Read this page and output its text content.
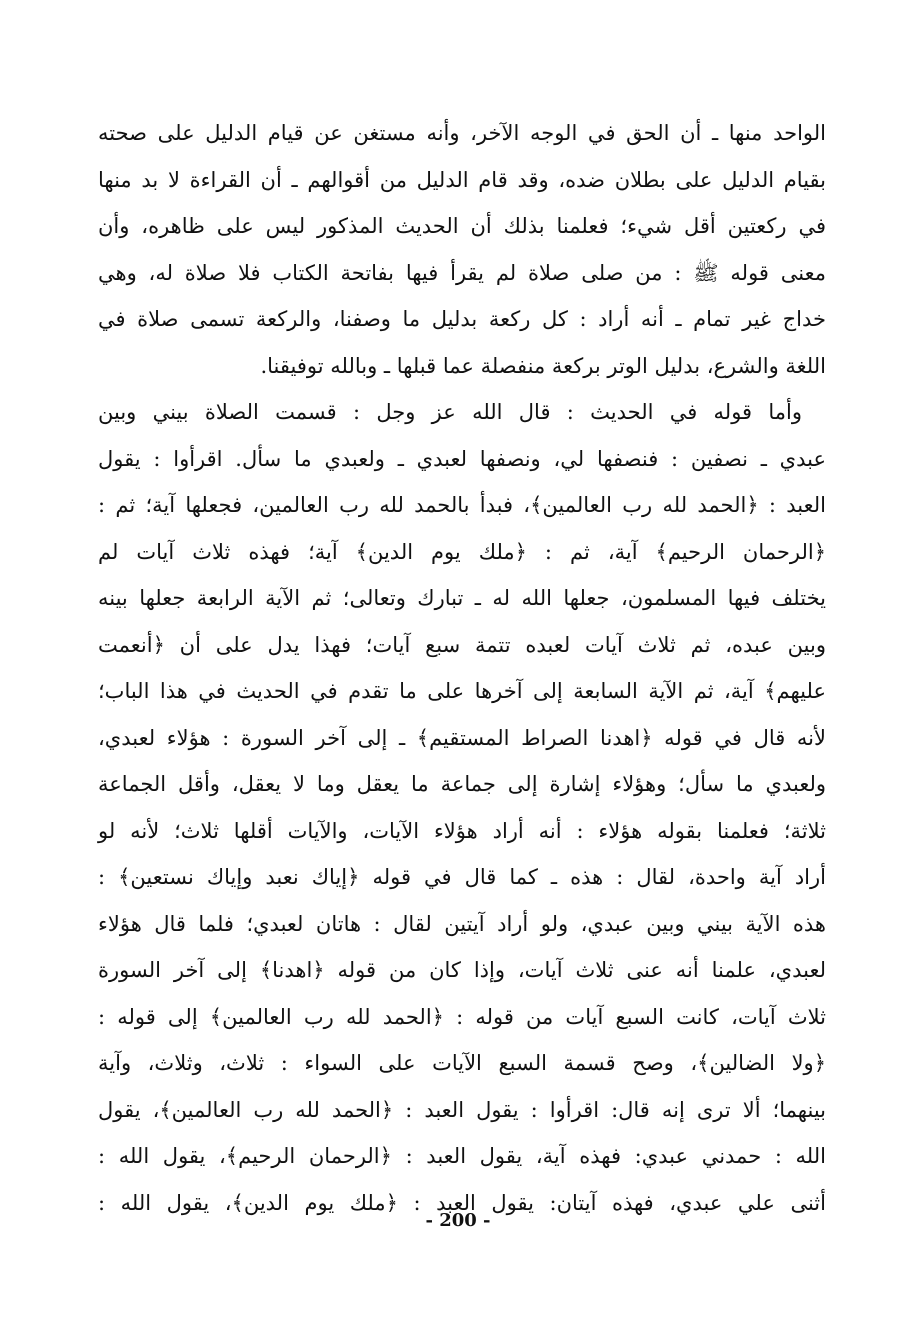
الواحد منها ـ أن الحق في الوجه الآخر، وأنه مستغن عن قيام الدليل على صحته
بقيام الدليل على بطلان ضده، وقد قام الدليل من أقوالهم ـ أن القراءة لا بد منها
في ركعتين أقل شيء؛ فعلمنا بذلك أن الحديث المذكور ليس على ظاهره، وأن
معنى قوله ﷺ : من صلى صلاة لم يقرأ فيها بفاتحة الكتاب فلا صلاة له، وهي
خداج غير تمام ـ أنه أراد : كل ركعة بدليل ما وصفنا، والركعة تسمى صلاة في
اللغة والشرع، بدليل الوتر بركعة منفصلة عما قبلها ـ وبالله توفيقنا.
وأما قوله في الحديث : قال الله عز وجل : قسمت الصلاة بيني وبين
عبدي ـ نصفين : فنصفها لي، ونصفها لعبدي ـ ولعبدي ما سأل. اقرأوا : يقول
العبد : ﴿الحمد لله رب العالمين﴾، فبدأ بالحمد لله رب العالمين، فجعلها آية؛ ثم :
﴿الرحمان الرحيم﴾ آية، ثم : ﴿ملك يوم الدين﴾ آية؛ فهذه ثلاث آيات لم
يختلف فيها المسلمون، جعلها الله له ـ تبارك وتعالى؛ ثم الآية الرابعة جعلها بينه
وبين عبده، ثم ثلاث آيات لعبده تتمة سبع آيات؛ فهذا يدل على أن ﴿أنعمت
عليهم﴾ آية، ثم الآية السابعة إلى آخرها على ما تقدم في الحديث في هذا الباب؛
لأنه قال في قوله ﴿اهدنا الصراط المستقيم﴾ ـ إلى آخر السورة : هؤلاء لعبدي،
ولعبدي ما سأل؛ وهؤلاء إشارة إلى جماعة ما يعقل وما لا يعقل، وأقل الجماعة
ثلاثة؛ فعلمنا بقوله هؤلاء : أنه أراد هؤلاء الآيات، والآيات أقلها ثلاث؛ لأنه لو
أراد آية واحدة، لقال : هذه ـ كما قال في قوله ﴿إياك نعبد وإياك نستعين﴾ :
هذه الآية بيني وبين عبدي، ولو أراد آيتين لقال : هاتان لعبدي؛ فلما قال هؤلاء
لعبدي، علمنا أنه عنى ثلاث آيات، وإذا كان من قوله ﴿اهدنا﴾ إلى آخر السورة
ثلاث آيات، كانت السبع آيات من قوله : ﴿الحمد لله رب العالمين﴾ إلى قوله :
﴿ولا الضالين﴾، وصح قسمة السبع الآيات على السواء : ثلاث، وثلاث، وآية
بينهما؛ ألا ترى إنه قال: اقرأوا : يقول العبد : ﴿الحمد لله رب العالمين﴾، يقول
الله : حمدني عبدي: فهذه آية، يقول العبد : ﴿الرحمان الرحيم﴾، يقول الله :
أثنى علي عبدي، فهذه آيتان: يقول العبد : ﴿ملك يوم الدين﴾، يقول الله :
- 200 -
